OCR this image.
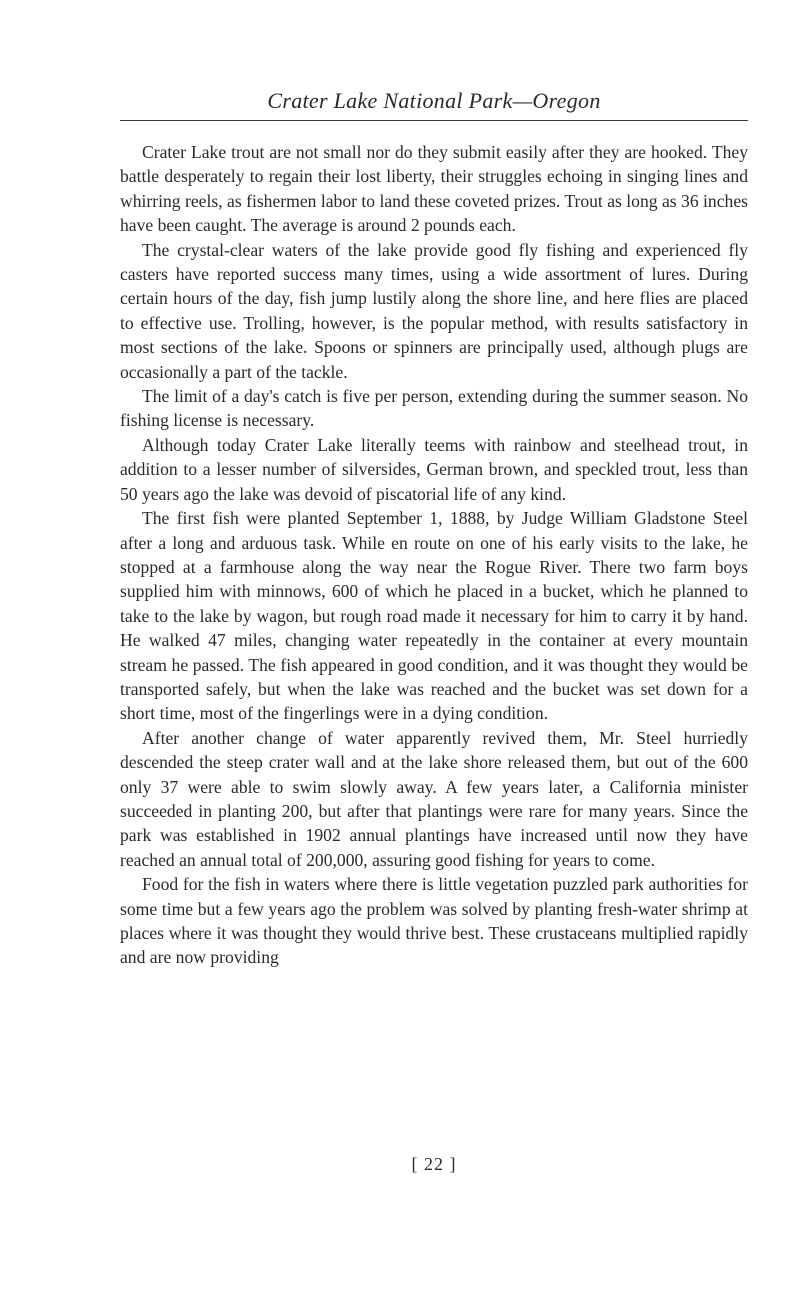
Crater Lake National Park—Oregon

Crater Lake trout are not small nor do they submit easily after they are hooked. They battle desperately to regain their lost liberty, their struggles echoing in singing lines and whirring reels, as fishermen labor to land these coveted prizes. Trout as long as 36 inches have been caught. The average is around 2 pounds each.

The crystal-clear waters of the lake provide good fly fishing and experienced fly casters have reported success many times, using a wide assortment of lures. During certain hours of the day, fish jump lustily along the shore line, and here flies are placed to effective use. Trolling, however, is the popular method, with results satisfactory in most sections of the lake. Spoons or spinners are principally used, although plugs are occasionally a part of the tackle.

The limit of a day's catch is five per person, extending during the summer season. No fishing license is necessary.

Although today Crater Lake literally teems with rainbow and steelhead trout, in addition to a lesser number of silversides, German brown, and speckled trout, less than 50 years ago the lake was devoid of piscatorial life of any kind.

The first fish were planted September 1, 1888, by Judge William Gladstone Steel after a long and arduous task. While en route on one of his early visits to the lake, he stopped at a farmhouse along the way near the Rogue River. There two farm boys supplied him with minnows, 600 of which he placed in a bucket, which he planned to take to the lake by wagon, but rough road made it necessary for him to carry it by hand. He walked 47 miles, changing water repeatedly in the container at every mountain stream he passed. The fish appeared in good condition, and it was thought they would be transported safely, but when the lake was reached and the bucket was set down for a short time, most of the fingerlings were in a dying condition.

After another change of water apparently revived them, Mr. Steel hurriedly descended the steep crater wall and at the lake shore released them, but out of the 600 only 37 were able to swim slowly away. A few years later, a California minister succeeded in planting 200, but after that plantings were rare for many years. Since the park was established in 1902 annual plantings have increased until now they have reached an annual total of 200,000, assuring good fishing for years to come.

Food for the fish in waters where there is little vegetation puzzled park authorities for some time but a few years ago the problem was solved by planting fresh-water shrimp at places where it was thought they would thrive best. These crustaceans multiplied rapidly and are now providing

[ 22 ]
